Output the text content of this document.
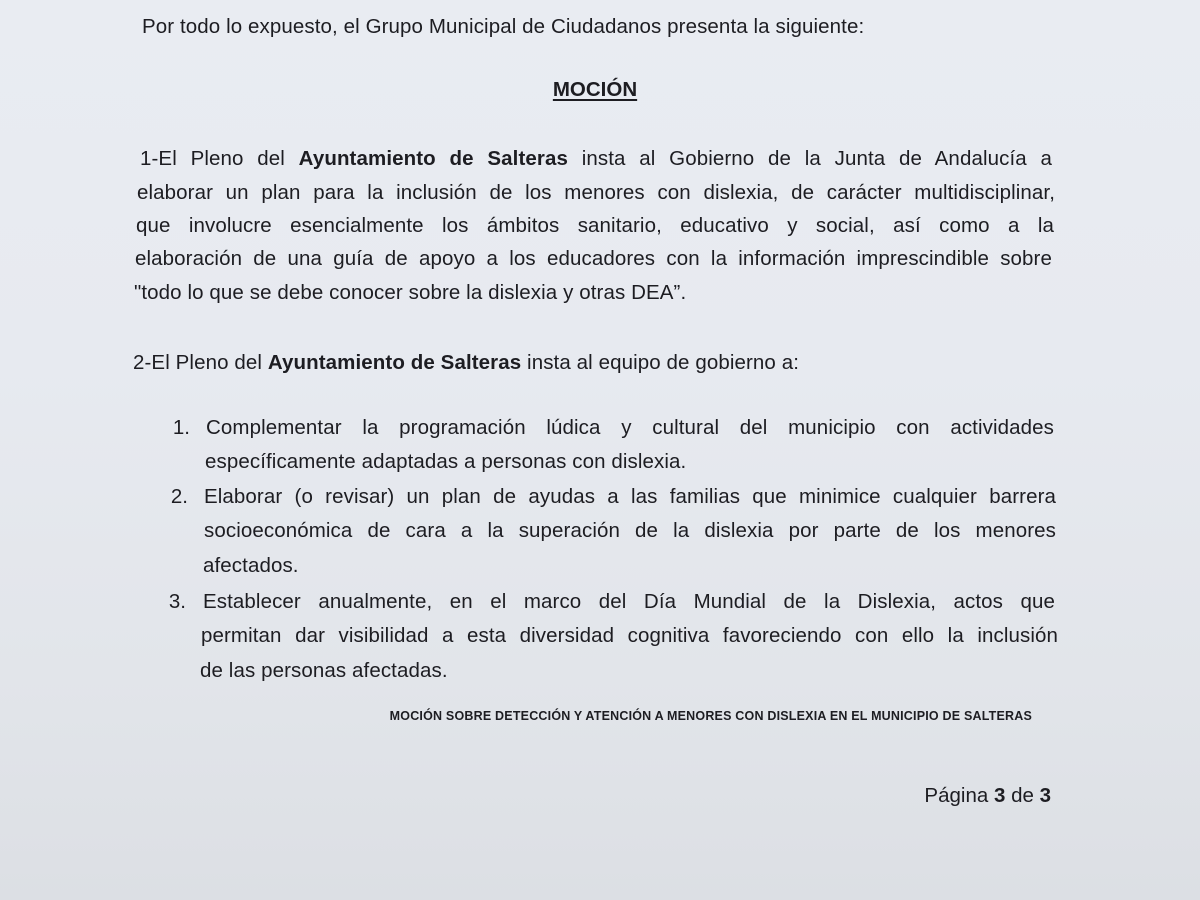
Por todo lo expuesto, el Grupo Municipal de Ciudadanos presenta la siguiente:
MOCIÓN
1-El Pleno del Ayuntamiento de Salteras insta al Gobierno de la Junta de Andalucía a
elaborar un plan para la inclusión de los menores con dislexia, de carácter multidisciplinar,
que involucre esencialmente los ámbitos sanitario, educativo y social, así como a la
elaboración de una guía de apoyo a los educadores con la información imprescindible sobre
"todo lo que se debe conocer sobre la dislexia y otras DEA”.
2-El Pleno del Ayuntamiento de Salteras insta al equipo de gobierno a:
1. Complementar la programación lúdica y cultural del municipio con actividades
específicamente adaptadas a personas con dislexia.
2. Elaborar (o revisar) un plan de ayudas a las familias que minimice cualquier barrera
socioeconómica de cara a la superación de la dislexia por parte de los menores
afectados.
3. Establecer anualmente, en el marco del Día Mundial de la Dislexia, actos que
permitan dar visibilidad a esta diversidad cognitiva favoreciendo con ello la inclusión
de las personas afectadas.
MOCIÓN SOBRE DETECCIÓN Y ATENCIÓN A MENORES CON DISLEXIA EN EL MUNICIPIO DE SALTERAS
Página 3 de 3
